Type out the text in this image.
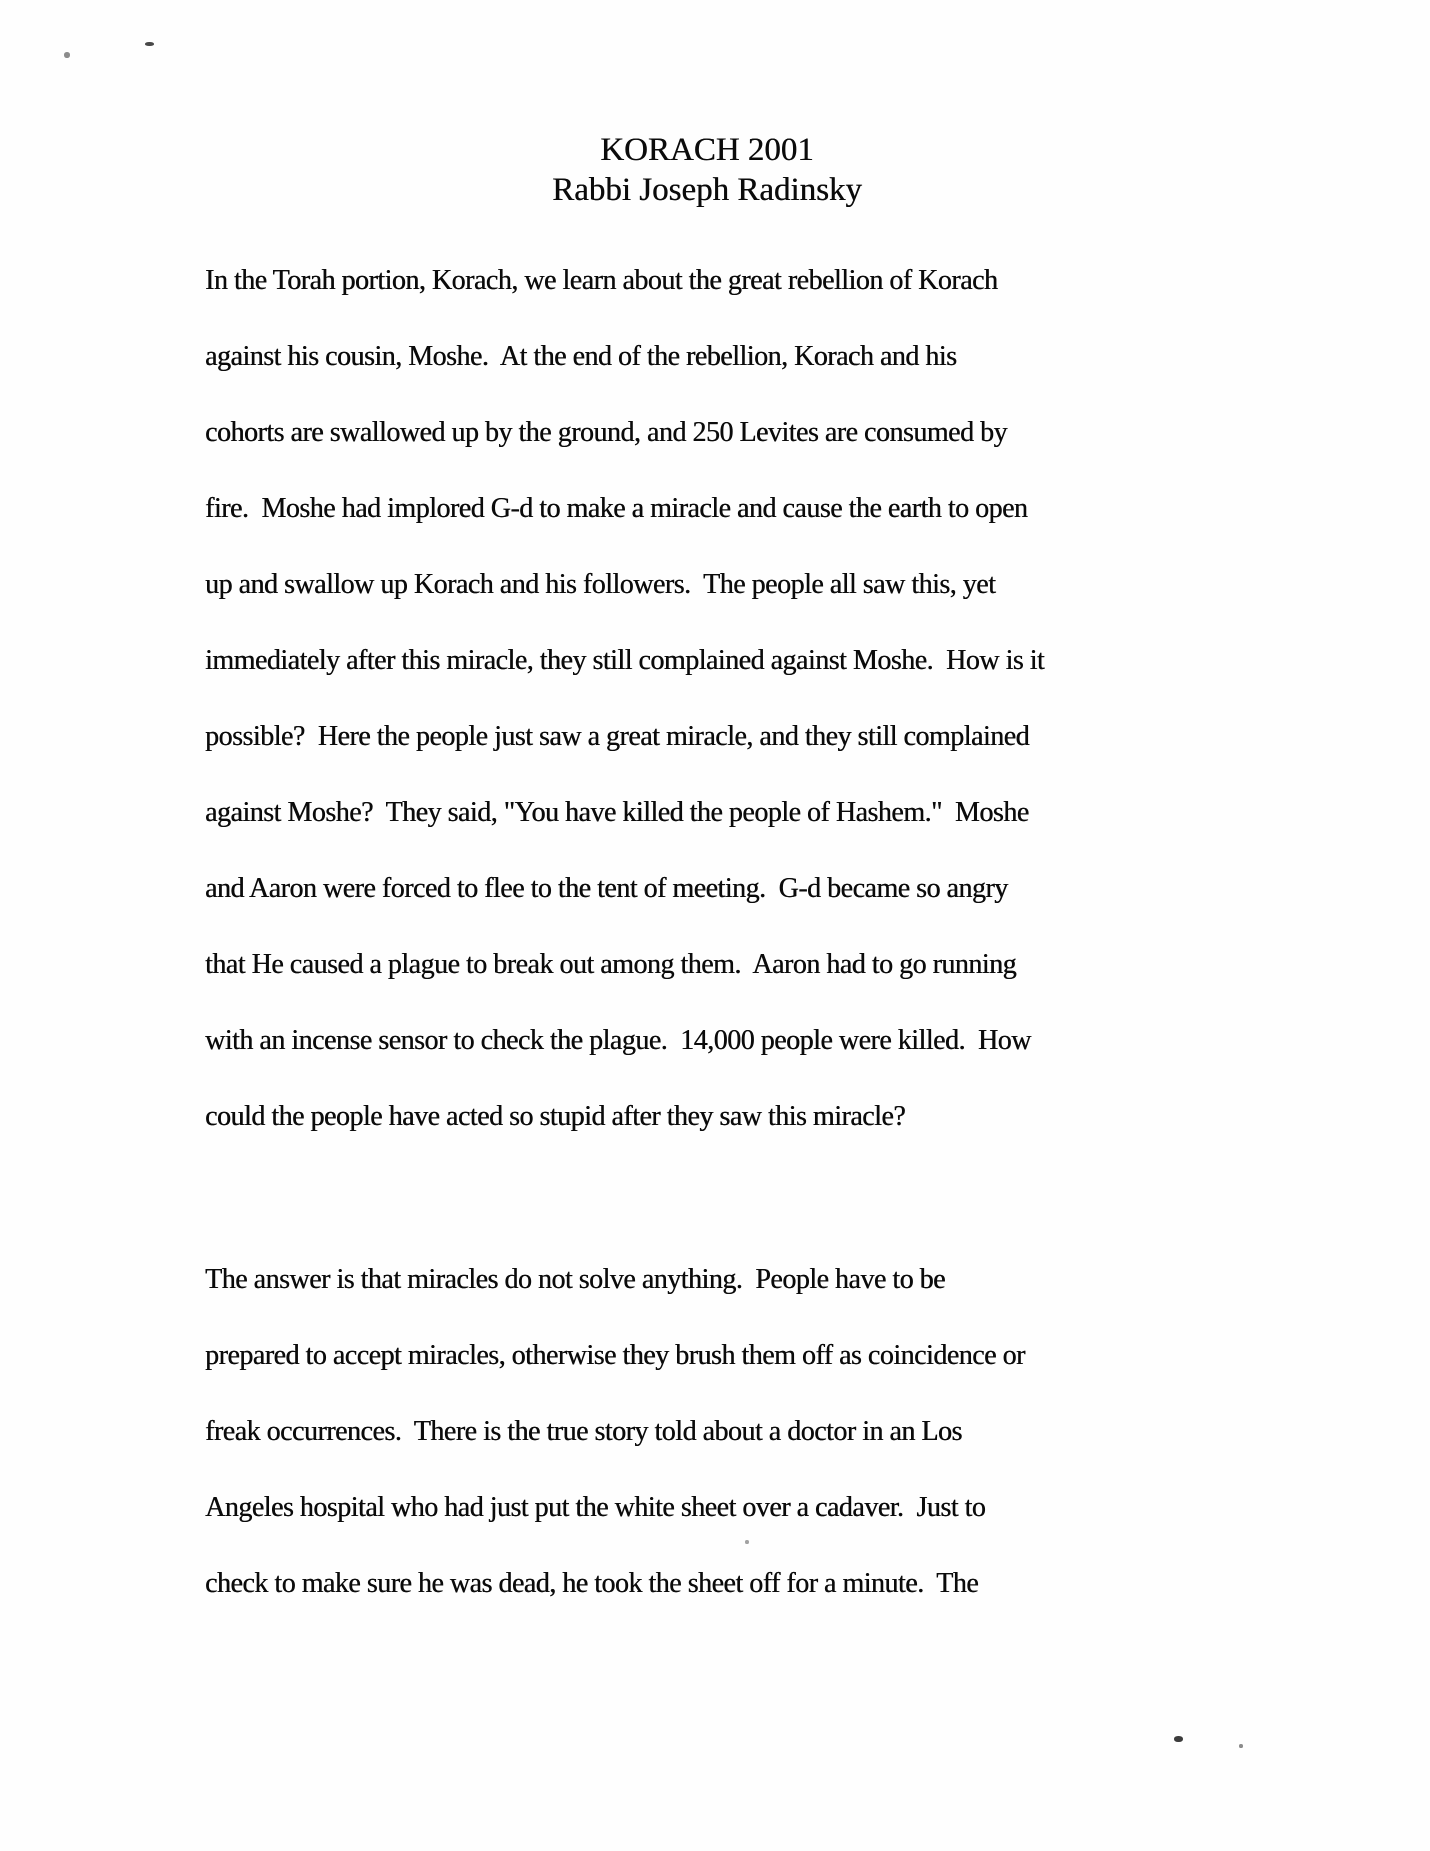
KORACH 2001
Rabbi Joseph Radinsky
In the Torah portion, Korach, we learn about the great rebellion of Korach
against his cousin, Moshe.  At the end of the rebellion, Korach and his
cohorts are swallowed up by the ground, and 250 Levites are consumed by
fire.  Moshe had implored G-d to make a miracle and cause the earth to open
up and swallow up Korach and his followers.  The people all saw this, yet
immediately after this miracle, they still complained against Moshe.  How is it
possible?  Here the people just saw a great miracle, and they still complained
against Moshe?  They said, "You have killed the people of Hashem."  Moshe
and Aaron were forced to flee to the tent of meeting.  G-d became so angry
that He caused a plague to break out among them.  Aaron had to go running
with an incense sensor to check the plague.  14,000 people were killed.  How
could the people have acted so stupid after they saw this miracle?
The answer is that miracles do not solve anything.  People have to be
prepared to accept miracles, otherwise they brush them off as coincidence or
freak occurrences.  There is the true story told about a doctor in an Los
Angeles hospital who had just put the white sheet over a cadaver.  Just to
check to make sure he was dead, he took the sheet off for a minute.  The
